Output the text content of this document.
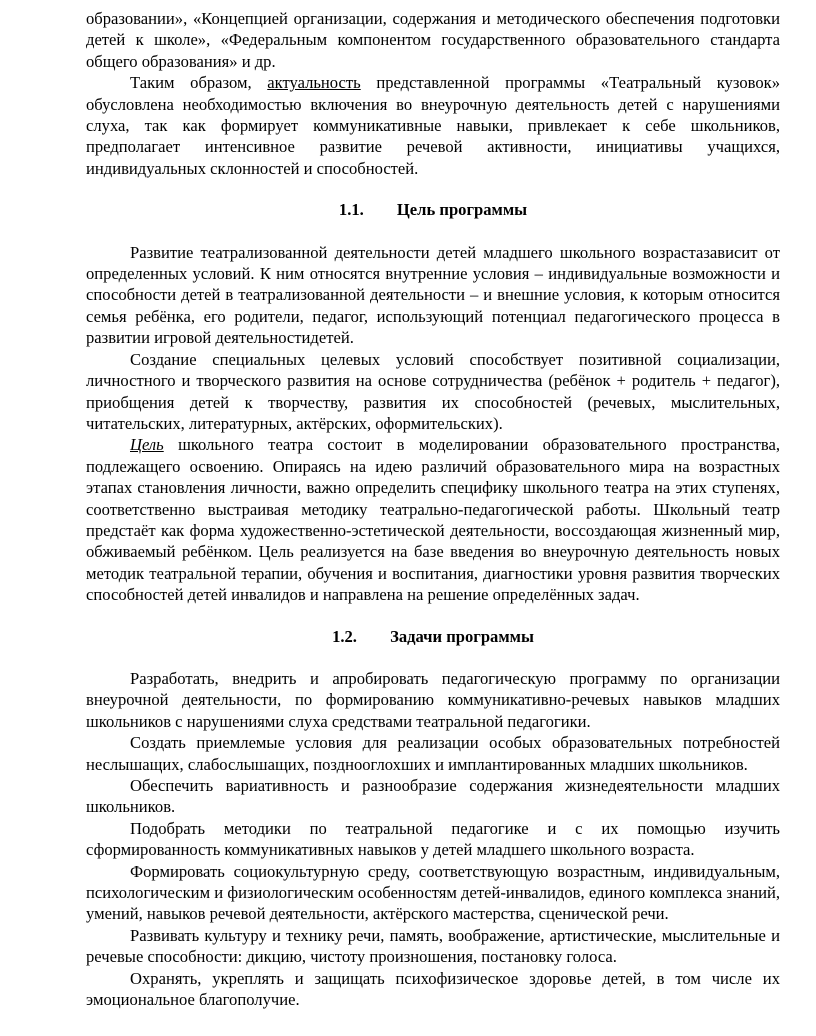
образовании», «Концепцией организации, содержания и методического обеспечения подготовки детей к школе», «Федеральным компонентом государственного образовательного стандарта общего образования» и др.

Таким образом, актуальность представленной программы «Театральный кузовок» обусловлена необходимостью включения во внеурочную деятельность детей с нарушениями слуха, так как формирует коммуникативные навыки, привлекает к себе школьников, предполагает интенсивное развитие речевой активности, инициативы учащихся, индивидуальных склонностей и способностей.

1.1. Цель программы

Развитие театрализованной деятельности детей младшего школьного возрастазависит от определенных условий. К ним относятся внутренние условия – индивидуальные возможности и способности детей в театрализованной деятельности – и внешние условия, к которым относится семья ребёнка, его родители, педагог, использующий потенциал педагогического процесса в развитии игровой деятельностидетей.

Создание специальных целевых условий способствует позитивной социализации, личностного и творческого развития на основе сотрудничества (ребёнок + родитель + педагог), приобщения детей к творчеству, развития их способностей (речевых, мыслительных, читательских, литературных, актёрских, оформительских).

Цель школьного театра состоит в моделировании образовательного пространства, подлежащего освоению. Опираясь на идею различий образовательного мира на возрастных этапах становления личности, важно определить специфику школьного театра на этих ступенях, соответственно выстраивая методику театрально-педагогической работы. Школьный театр предстаёт как форма художественно-эстетической деятельности, воссоздающая жизненный мир, обживаемый ребёнком. Цель реализуется на базе введения во внеурочную деятельность новых методик театральной терапии, обучения и воспитания, диагностики уровня развития творческих способностей детей инвалидов и направлена на решение определённых задач.

1.2. Задачи программы

Разработать, внедрить и апробировать педагогическую программу по организации внеурочной деятельности, по формированию коммуникативно-речевых навыков младших школьников с нарушениями слуха средствами театральной педагогики.

Создать приемлемые условия для реализации особых образовательных потребностей неслышащих, слабослышащих, позднооглохших и имплантированных младших школьников.

Обеспечить вариативность и разнообразие содержания жизнедеятельности младших школьников.

Подобрать методики по театральной педагогике и с их помощью изучить сформированность коммуникативных навыков у детей младшего школьного возраста.

Формировать социокультурную среду, соответствующую возрастным, индивидуальным, психологическим и физиологическим особенностям детей-инвалидов, единого комплекса знаний, умений, навыков речевой деятельности, актёрского мастерства, сценической речи.

Развивать культуру и технику речи, память, воображение, артистические, мыслительные и речевые способности: дикцию, чистоту произношения, постановку голоса.

Охранять, укреплять и защищать психофизическое здоровье детей, в том числе их эмоциональное благополучие.
